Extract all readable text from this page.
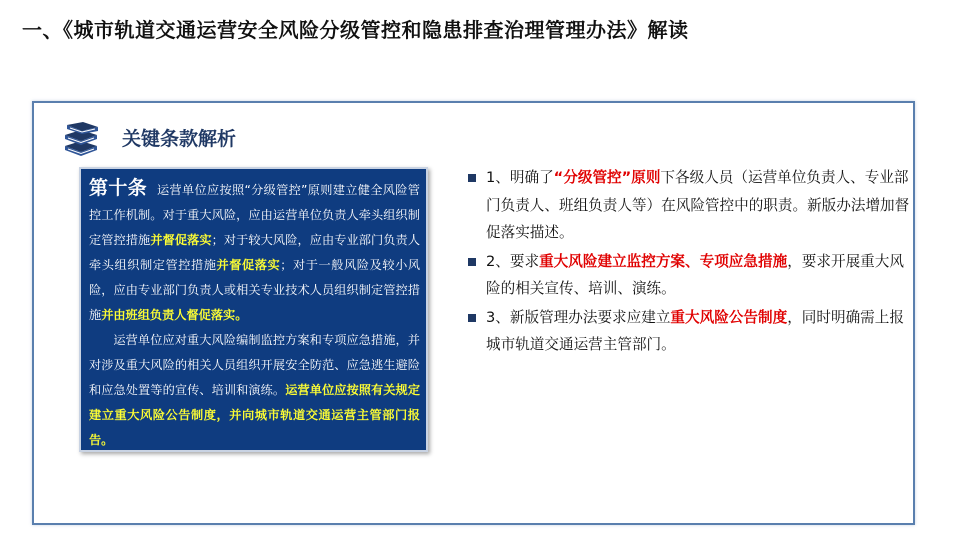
一、《城市轨道交通运营安全风险分级管控和隐患排查治理管理办法》解读
关键条款解析

第十条 运营单位应按照“分级管控”原则建立健全风险管控工作机制。对于重大风险，应由运营单位负责人牵头组织制定管控措施并督促落实；对于较大风险，应由专业部门负责人牵头组织制定管控措施并督促落实；对于一般风险及较小风险，应由专业部门负责人或相关专业技术人员组织制定管控措施并由班组负责人督促落实。

运营单位应对重大风险编制监控方案和专项应急措施，并对涉及重大风险的相关人员组织开展安全防范、应急逃生避险和应急处置等的宣传、培训和演练。运营单位应按照有关规定建立重大风险公告制度，并向城市轨道交通运营主管部门报告。

1、明确了“分级管控”原则下各级人员（运营单位负责人、专业部门负责人、班组负责人等）在风险管控中的职责。新版办法增加督促落实描述。
2、要求重大风险建立监控方案、专项应急措施，要求开展重大风险的相关宣传、培训、演练。
3、新版管理办法要求应建立重大风险公告制度，同时明确需上报城市轨道交通运营主管部门。
